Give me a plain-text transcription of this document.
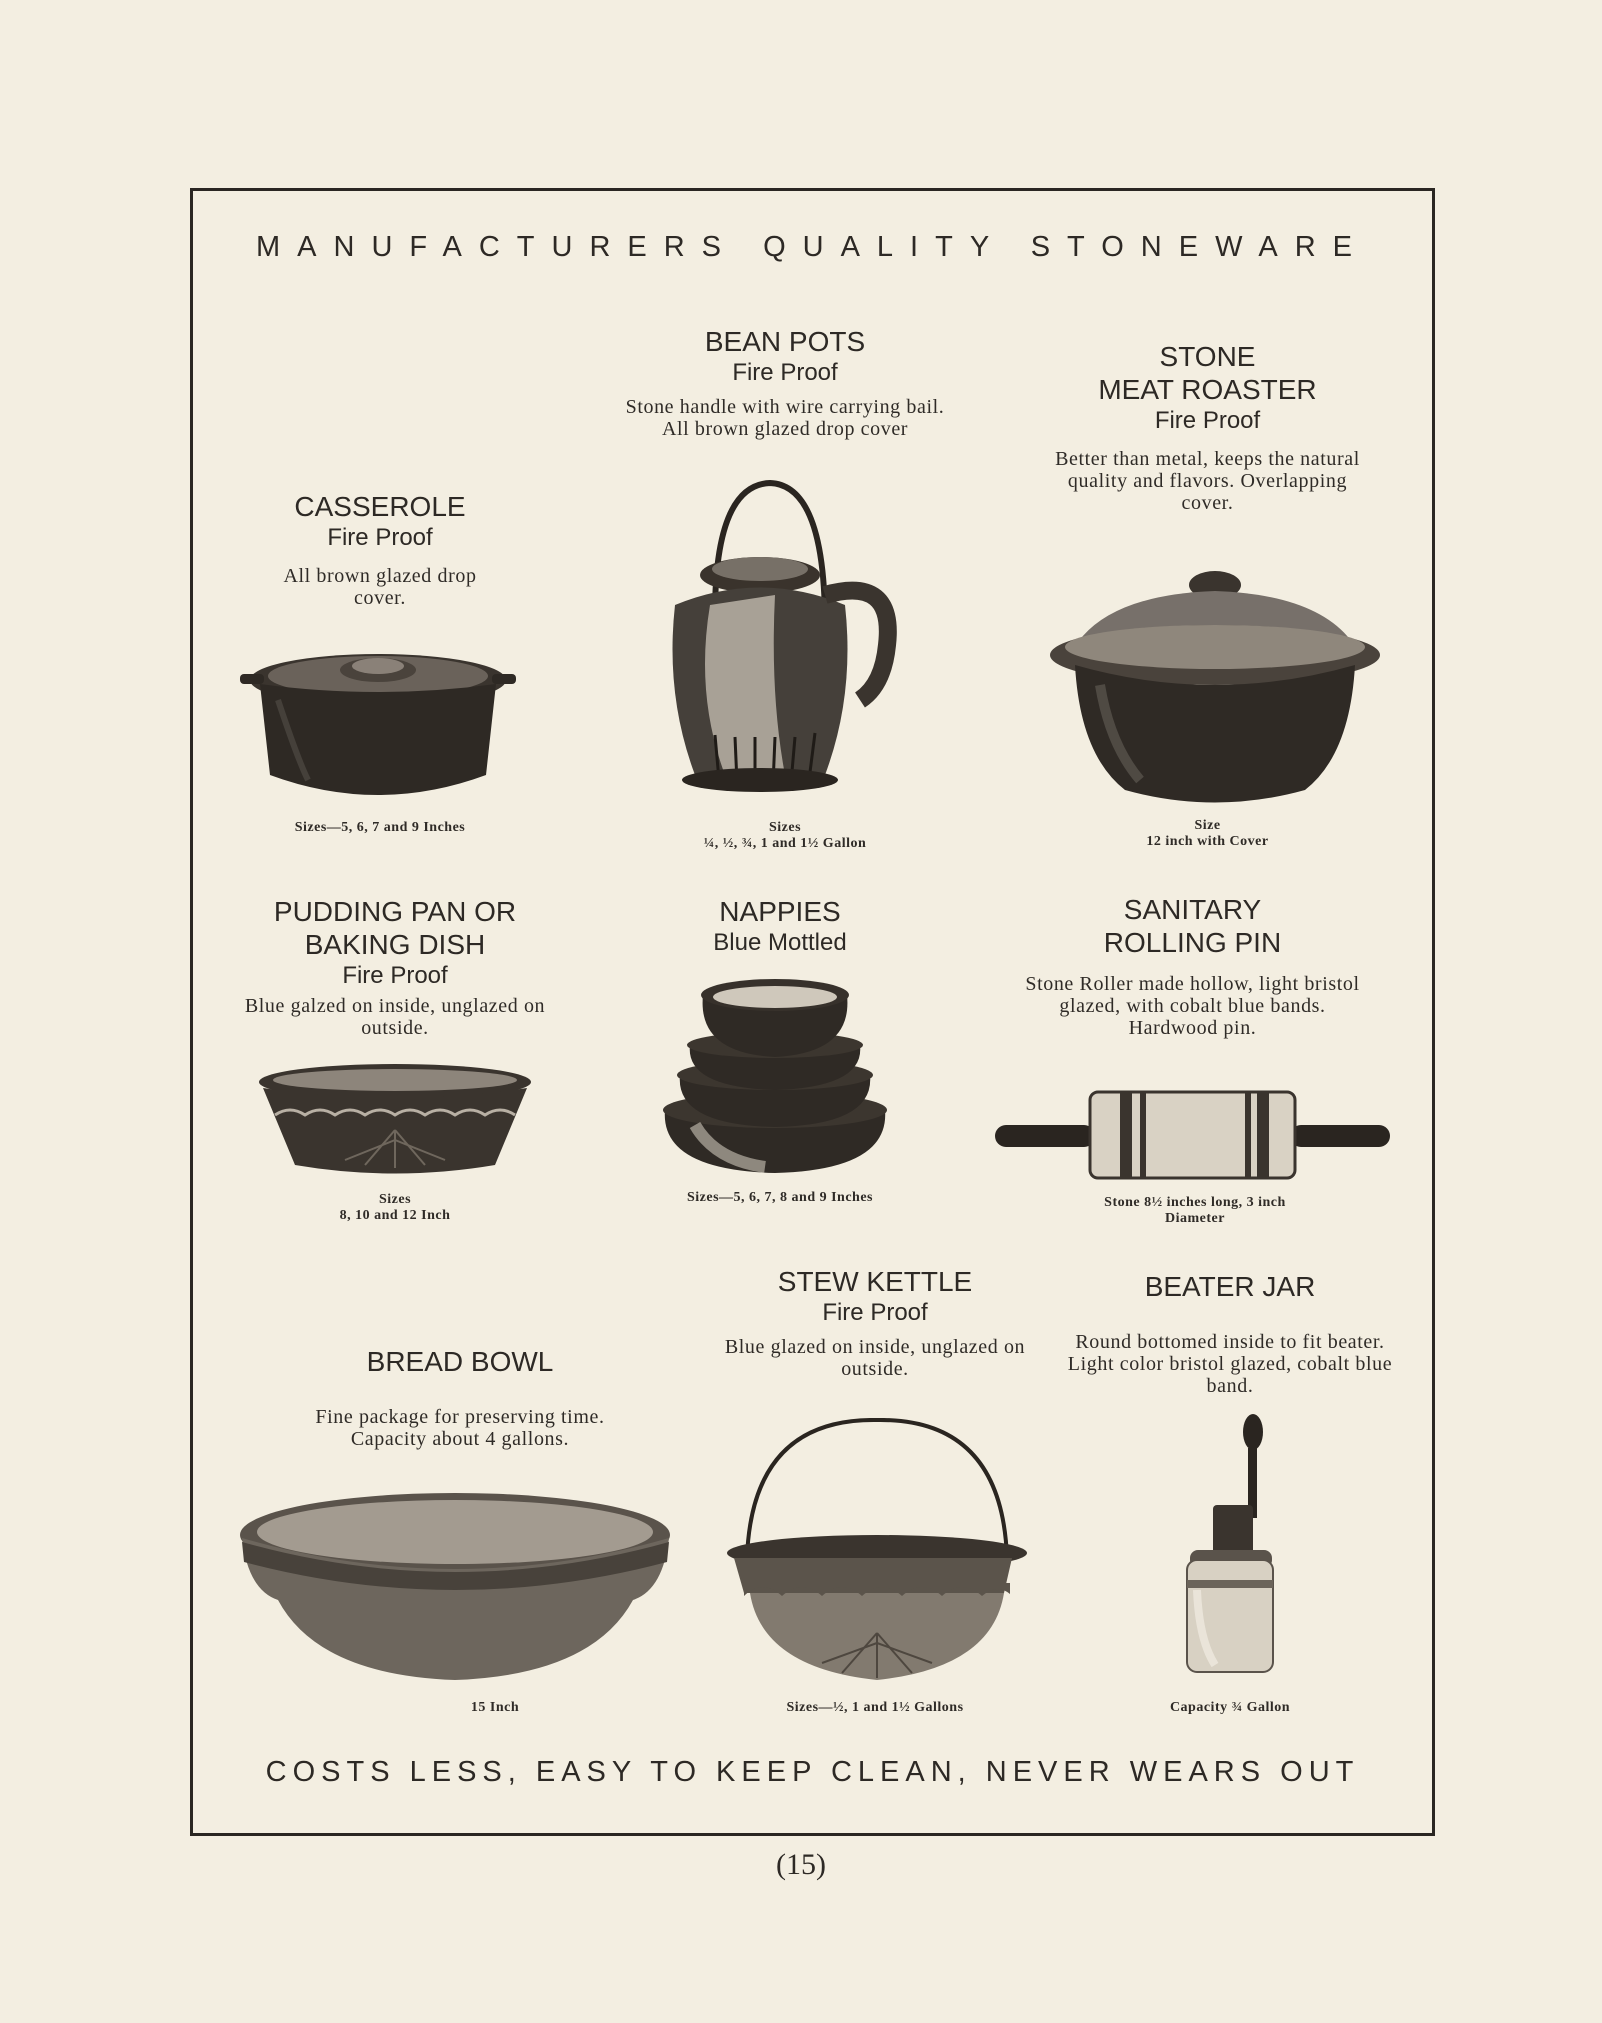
MANUFACTURERS QUALITY STONEWARE
COSTS LESS, EASY TO KEEP CLEAN, NEVER WEARS OUT
CASSEROLE
Fire Proof
All brown glazed drop cover.
Sizes—5, 6, 7 and 9 Inches
BEAN POTS
Fire Proof
Stone handle with wire carrying bail. All brown glazed drop cover
Sizes
¼, ½, ¾, 1 and 1½ Gallon
STONE
MEAT ROASTER
Fire Proof
Better than metal, keeps the natural quality and flavors. Overlapping cover.
Size
12 inch with Cover
PUDDING PAN OR
BAKING DISH
Fire Proof
Blue galzed on inside, unglazed on outside.
Sizes
8, 10 and 12 Inch
NAPPIES
Blue Mottled
Sizes—5, 6, 7, 8 and 9 Inches
SANITARY
ROLLING PIN
Stone Roller made hollow, light bristol glazed, with cobalt blue bands. Hardwood pin.
Stone 8½ inches long, 3 inch
Diameter
BREAD BOWL
Fine package for preserving time.
Capacity about 4 gallons.
15 Inch
STEW KETTLE
Fire Proof
Blue glazed on inside, unglazed on outside.
Sizes—½, 1 and 1½ Gallons
BEATER JAR
Round bottomed inside to fit beater. Light color bristol glazed, cobalt blue band.
Capacity ¾ Gallon
(15)
